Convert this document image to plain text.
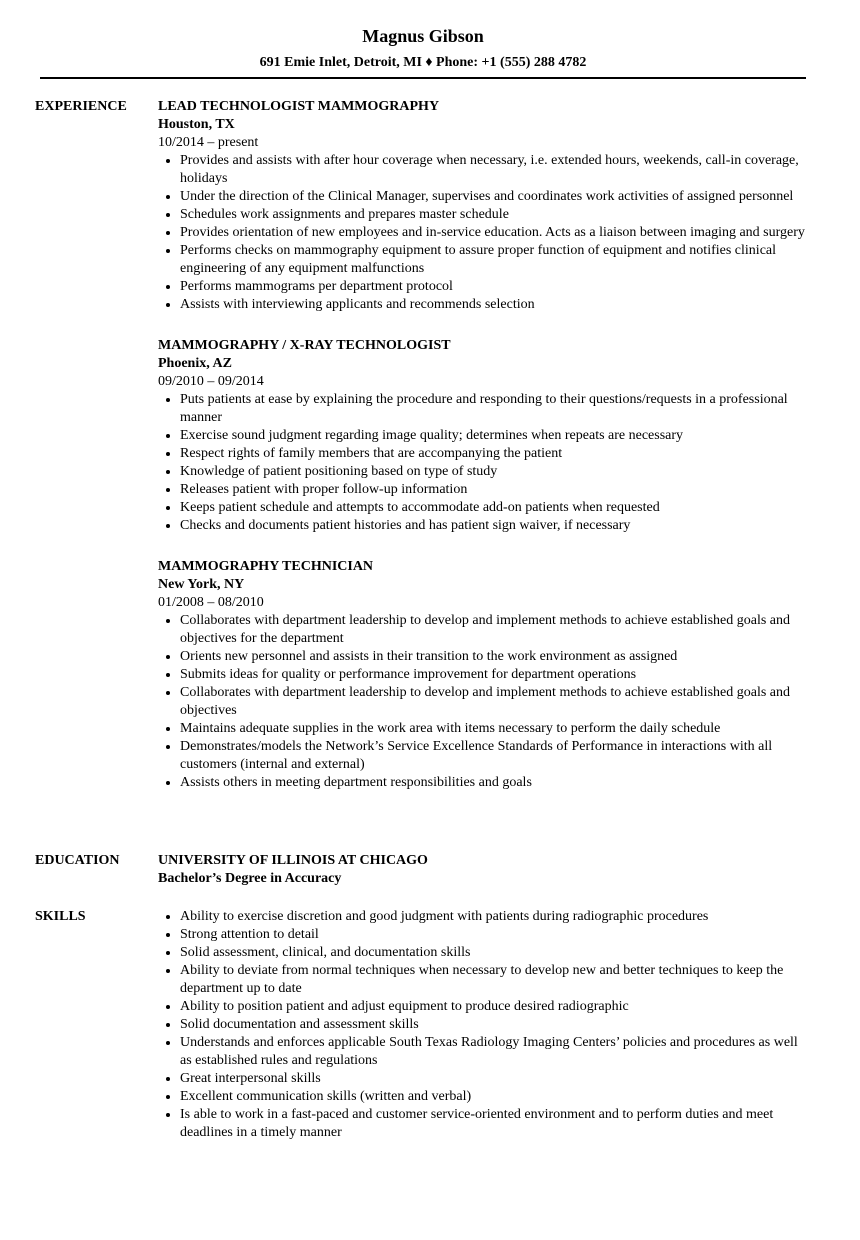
Magnus Gibson
691 Emie Inlet, Detroit, MI ♦ Phone: +1 (555) 288 4782
EXPERIENCE LEAD TECHNOLOGIST MAMMOGRAPHY
Houston, TX
10/2014 – present
• Provides and assists with after hour coverage when necessary, i.e. extended hours, weekends, call-in coverage, holidays
• Under the direction of the Clinical Manager, supervises and coordinates work activities of assigned personnel
• Schedules work assignments and prepares master schedule
• Provides orientation of new employees and in-service education. Acts as a liaison between imaging and surgery
• Performs checks on mammography equipment to assure proper function of equipment and notifies clinical engineering of any equipment malfunctions
• Performs mammograms per department protocol
• Assists with interviewing applicants and recommends selection
MAMMOGRAPHY / X-RAY TECHNOLOGIST
Phoenix, AZ
09/2010 – 09/2014
• Puts patients at ease by explaining the procedure and responding to their questions/requests in a professional manner
• Exercise sound judgment regarding image quality; determines when repeats are necessary
• Respect rights of family members that are accompanying the patient
• Knowledge of patient positioning based on type of study
• Releases patient with proper follow-up information
• Keeps patient schedule and attempts to accommodate add-on patients when requested
• Checks and documents patient histories and has patient sign waiver, if necessary
MAMMOGRAPHY TECHNICIAN
New York, NY
01/2008 – 08/2010
• Collaborates with department leadership to develop and implement methods to achieve established goals and objectives for the department
• Orients new personnel and assists in their transition to the work environment as assigned
• Submits ideas for quality or performance improvement for department operations
• Collaborates with department leadership to develop and implement methods to achieve established goals and objectives
• Maintains adequate supplies in the work area with items necessary to perform the daily schedule
• Demonstrates/models the Network’s Service Excellence Standards of Performance in interactions with all customers (internal and external)
• Assists others in meeting department responsibilities and goals
EDUCATION	UNIVERSITY OF ILLINOIS AT CHICAGO
Bachelor’s Degree in Accuracy
SKILLS
•	Ability to exercise discretion and good judgment with patients during radiographic procedures
• Strong attention to detail
• Solid assessment, clinical, and documentation skills
• Ability to deviate from normal techniques when necessary to develop new and better techniques to keep the department up to date
• Ability to position patient and adjust equipment to produce desired radiographic
• Solid documentation and assessment skills
• Understands and enforces applicable South Texas Radiology Imaging Centers’ policies and procedures as well as established rules and regulations
• Great interpersonal skills
• Excellent communication skills (written and verbal)
• Is able to work in a fast-paced and customer service-oriented environment and to perform duties and meet deadlines in a timely manner
